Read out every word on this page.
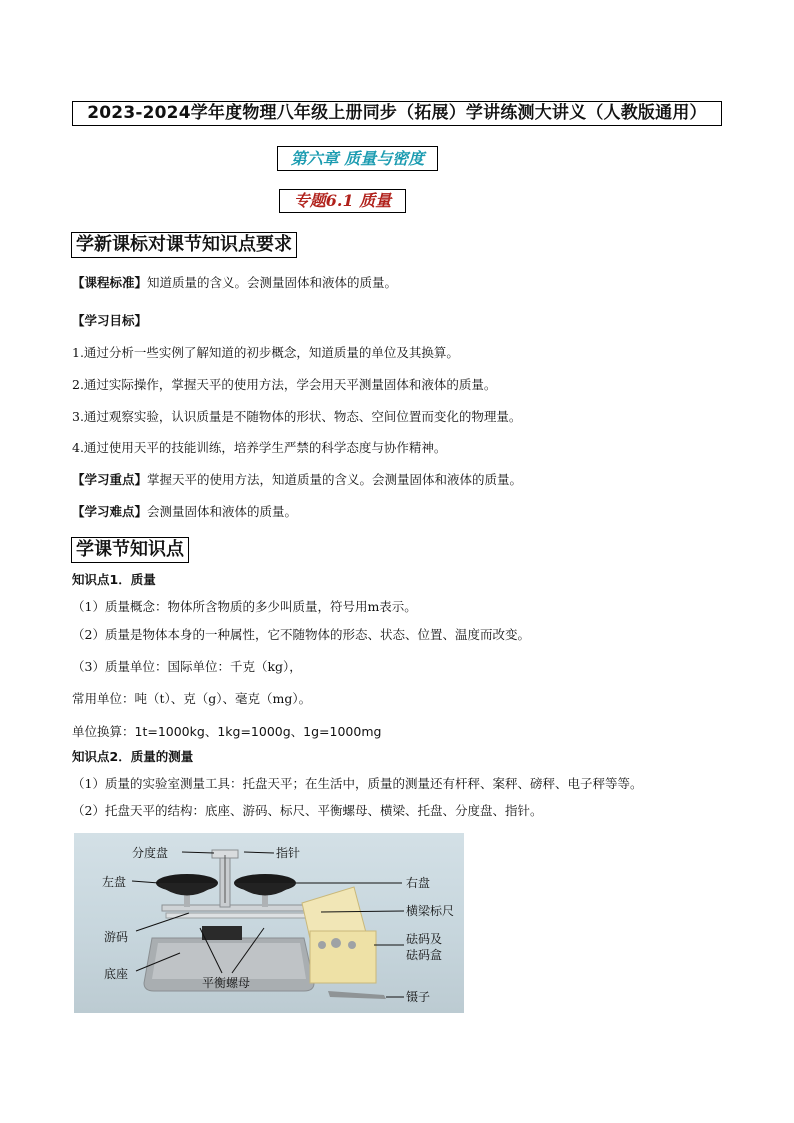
2023-2024学年度物理八年级上册同步（拓展）学讲练测大讲义（人教版通用）
第六章 质量与密度
专题6.1 质量
学新课标对课节知识点要求
【课程标准】知道质量的含义。会测量固体和液体的质量。
【学习目标】
1.通过分析一些实例了解知道的初步概念，知道质量的单位及其换算。
2.通过实际操作，掌握天平的使用方法，学会用天平测量固体和液体的质量。
3.通过观察实验，认识质量是不随物体的形状、物态、空间位置而变化的物理量。
4.通过使用天平的技能训练，培养学生严禁的科学态度与协作精神。
【学习重点】掌握天平的使用方法，知道质量的含义。会测量固体和液体的质量。
【学习难点】会测量固体和液体的质量。
学课节知识点
知识点1．质量
（1）质量概念：物体所含物质的多少叫质量，符号用m表示。
（2）质量是物体本身的一种属性，它不随物体的形态、状态、位置、温度而改变。
（3）质量单位：国际单位：千克（kg），
常用单位：吨（t）、克（g）、毫克（mg）。
单位换算：1t=1000kg、1kg=1000g、1g=1000mg
知识点2．质量的测量
（1）质量的实验室测量工具：托盘天平；在生活中，质量的测量还有杆秤、案秤、磅秤、电子秤等等。
（2）托盘天平的结构：底座、游码、标尺、平衡螺母、横梁、托盘、分度盘、指针。
分度盘	指针
左盘	右盘
横梁标尺
游码	砝码及
砝码盒
底座
平衡螺母
镊子
